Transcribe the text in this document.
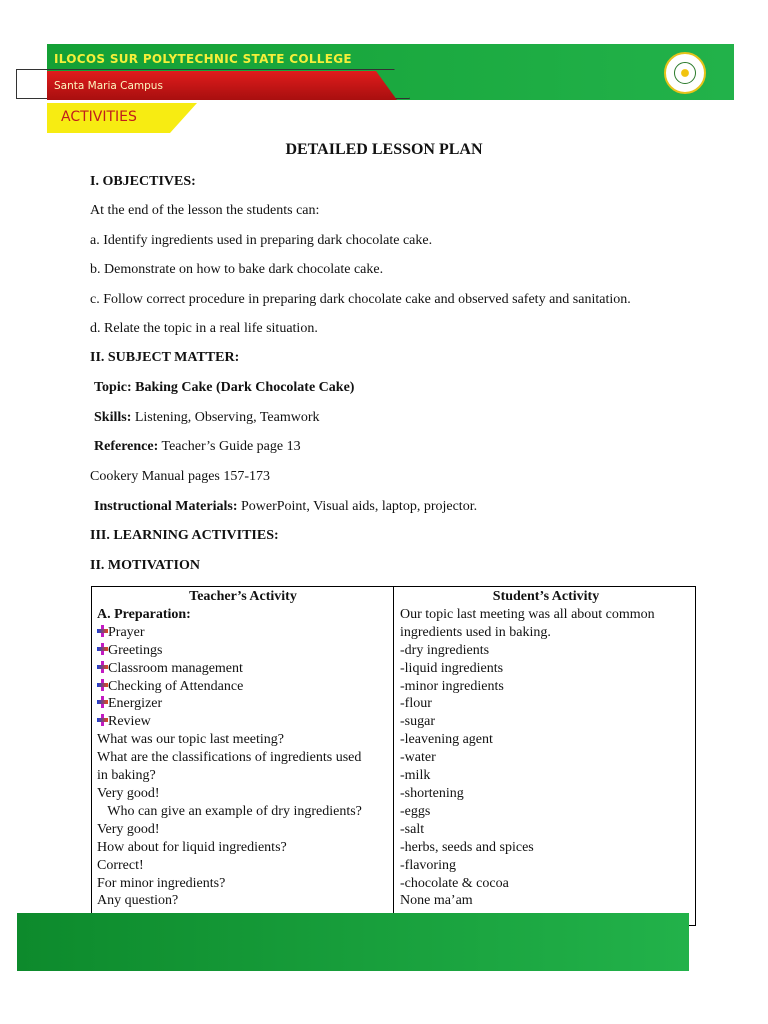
ILOCOS SUR POLYTECHNIC STATE COLLEGE
Santa Maria Campus
ACTIVITIES
DETAILED LESSON PLAN
I. OBJECTIVES:
At the end of the lesson the students can:
a. Identify ingredients used in preparing dark chocolate cake.
b. Demonstrate on how to bake dark chocolate cake.
c. Follow correct procedure in preparing dark chocolate cake and observed safety and sanitation.
d. Relate the topic in a real life situation.
II. SUBJECT MATTER:
Topic: Baking Cake (Dark Chocolate Cake)
Skills: Listening, Observing, Teamwork
Reference: Teacher’s Guide page 13
Cookery Manual pages 157-173
Instructional Materials: PowerPoint, Visual aids, laptop, projector.
III. LEARNING ACTIVITIES:
II. MOTIVATION
Teacher’s Activity
A. Preparation:
Prayer
Greetings
Classroom management
Checking of Attendance
Energizer
Review
What was our topic last meeting?
What are the classifications of ingredients used
in baking?
Very good!
Who can give an example of dry ingredients?
Very good!
How about for liquid ingredients?
Correct!
For minor ingredients?
Any question?
Student’s Activity
Our topic last meeting was all about common
ingredients used in baking.
-dry ingredients
-liquid ingredients
-minor ingredients
-flour
-sugar
-leavening agent
-water
-milk
-shortening
-eggs
-salt
-herbs, seeds and spices
-flavoring
-chocolate & cocoa
None ma’am
